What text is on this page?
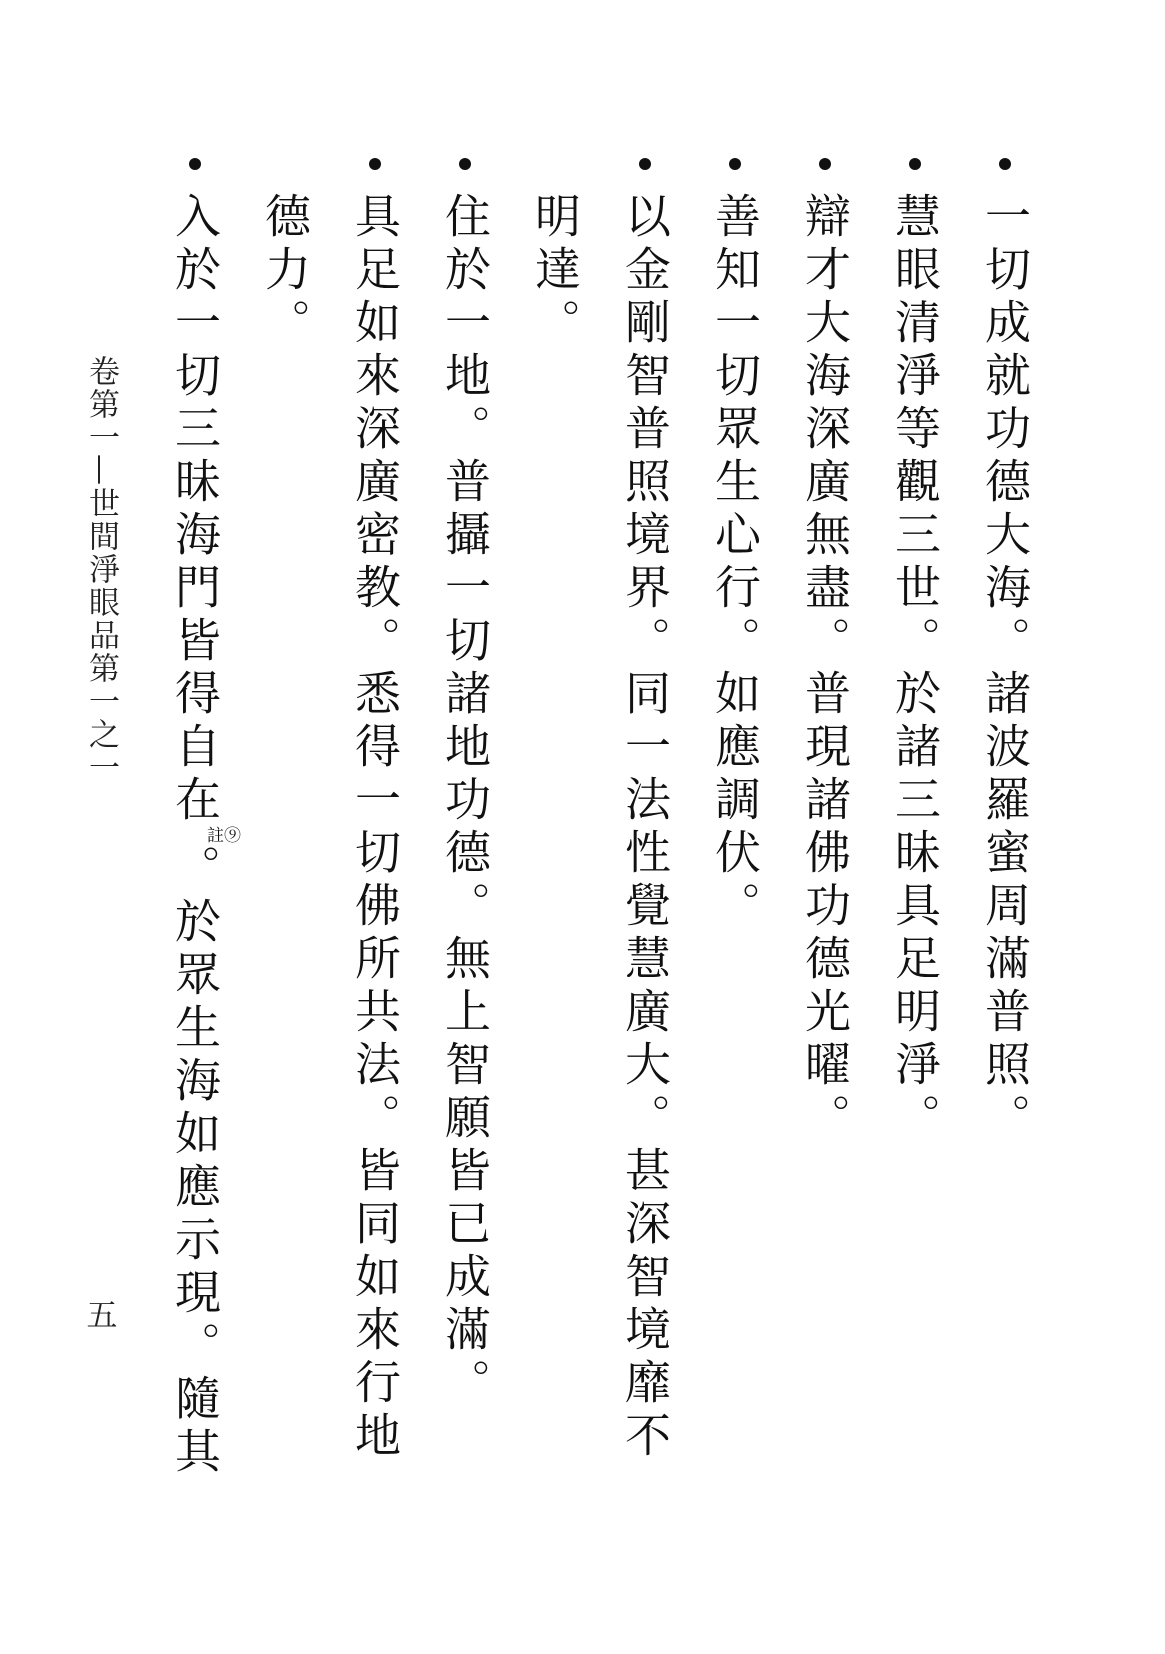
一切成就功德大海。諸波羅蜜周滿普照。
慧眼清淨等觀三世。於諸三昧具足明淨。
辯才大海深廣無盡。普現諸佛功德光曜。
善知一切眾生心行。如應調伏。
以金剛智普照境界。同一法性覺慧廣大。甚深智境靡不
明達。
住於一地。普攝一切諸地功德。無上智願皆已成滿。
具足如來深廣密教。悉得一切佛所共法。皆同如來行地
德力。
入於一切三昧海門皆得自在註⑨。於眾生海如應示現。隨其
卷第一—世間淨眼品第一之一
五
